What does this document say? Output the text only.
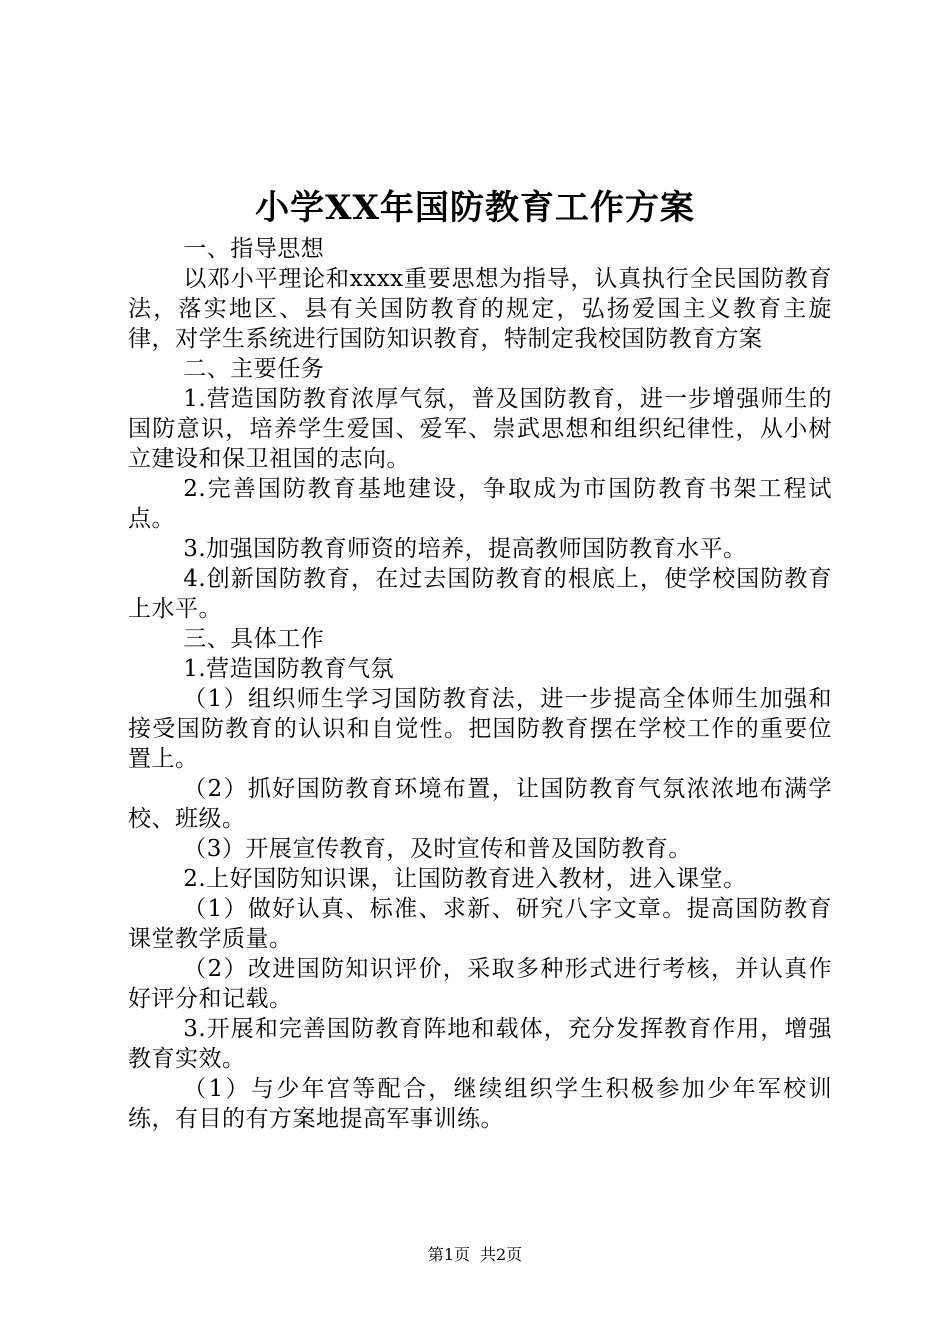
小学XX年国防教育工作方案

一、指导思想

以邓小平理论和xxxx重要思想为指导，认真执行全民国防教育法，落实地区、县有关国防教育的规定，弘扬爱国主义教育主旋律，对学生系统进行国防知识教育，特制定我校国防教育方案

二、主要任务

1.营造国防教育浓厚气氛，普及国防教育，进一步增强师生的国防意识，培养学生爱国、爱军、崇武思想和组织纪律性，从小树立建设和保卫祖国的志向。

2.完善国防教育基地建设，争取成为市国防教育书架工程试点。

3.加强国防教育师资的培养，提高教师国防教育水平。

4.创新国防教育，在过去国防教育的根底上，使学校国防教育上水平。

三、具体工作

1.营造国防教育气氛

（1）组织师生学习国防教育法，进一步提高全体师生加强和接受国防教育的认识和自觉性。把国防教育摆在学校工作的重要位置上。

（2）抓好国防教育环境布置，让国防教育气氛浓浓地布满学校、班级。

（3）开展宣传教育，及时宣传和普及国防教育。

2.上好国防知识课，让国防教育进入教材，进入课堂。

（1）做好认真、标准、求新、研究八字文章。提高国防教育课堂教学质量。

（2）改进国防知识评价，采取多种形式进行考核，并认真作好评分和记载。

3.开展和完善国防教育阵地和载体，充分发挥教育作用，增强教育实效。

（1）与少年宫等配合，继续组织学生积极参加少年军校训练，有目的有方案地提高军事训练。

第1页 共2页
